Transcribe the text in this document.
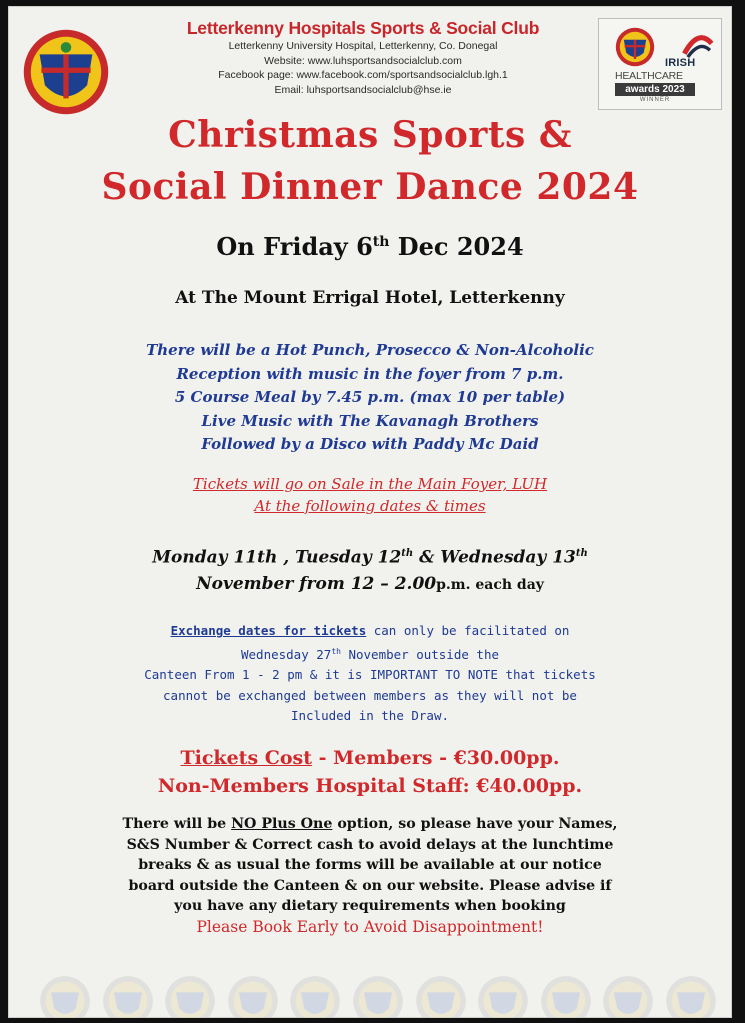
Letterkenny Hospitals Sports & Social Club
Letterkenny University Hospital, Letterkenny, Co. Donegal
Website: www.luhsportsandsocialclub.com
Facebook page: www.facebook.com/sportsandsocialclub.lgh.1
Email: luhsportsandsocialclub@hse.ie
IRISH
HEALTHCARE
awards 2023
WINNER
Christmas Sports &
Social Dinner Dance 2024
On Friday 6th Dec 2024
At The Mount Errigal Hotel, Letterkenny
There will be a Hot Punch, Prosecco & Non-Alcoholic
Reception with music in the foyer from 7 p.m.
5 Course Meal by 7.45 p.m. (max 10 per table)
Live Music with The Kavanagh Brothers
Followed by a Disco with Paddy Mc Daid
Tickets will go on Sale in the Main Foyer, LUH
At the following dates & times
Monday 11th , Tuesday 12th & Wednesday 13th
November from 12 – 2.00p.m. each day
Exchange dates for tickets can only be facilitated on
Wednesday 27th November outside the
Canteen From 1 - 2 pm & it is IMPORTANT TO NOTE that tickets
cannot be exchanged between members as they will not be
Included in the Draw.
Tickets Cost - Members - €30.00pp.
Non-Members Hospital Staff: €40.00pp.
There will be NO Plus One option, so please have your Names,
S&S Number & Correct cash to avoid delays at the lunchtime
breaks & as usual the forms will be available at our notice
board outside the Canteen & on our website. Please advise if
you have any dietary requirements when booking
Please Book Early to Avoid Disappointment!
